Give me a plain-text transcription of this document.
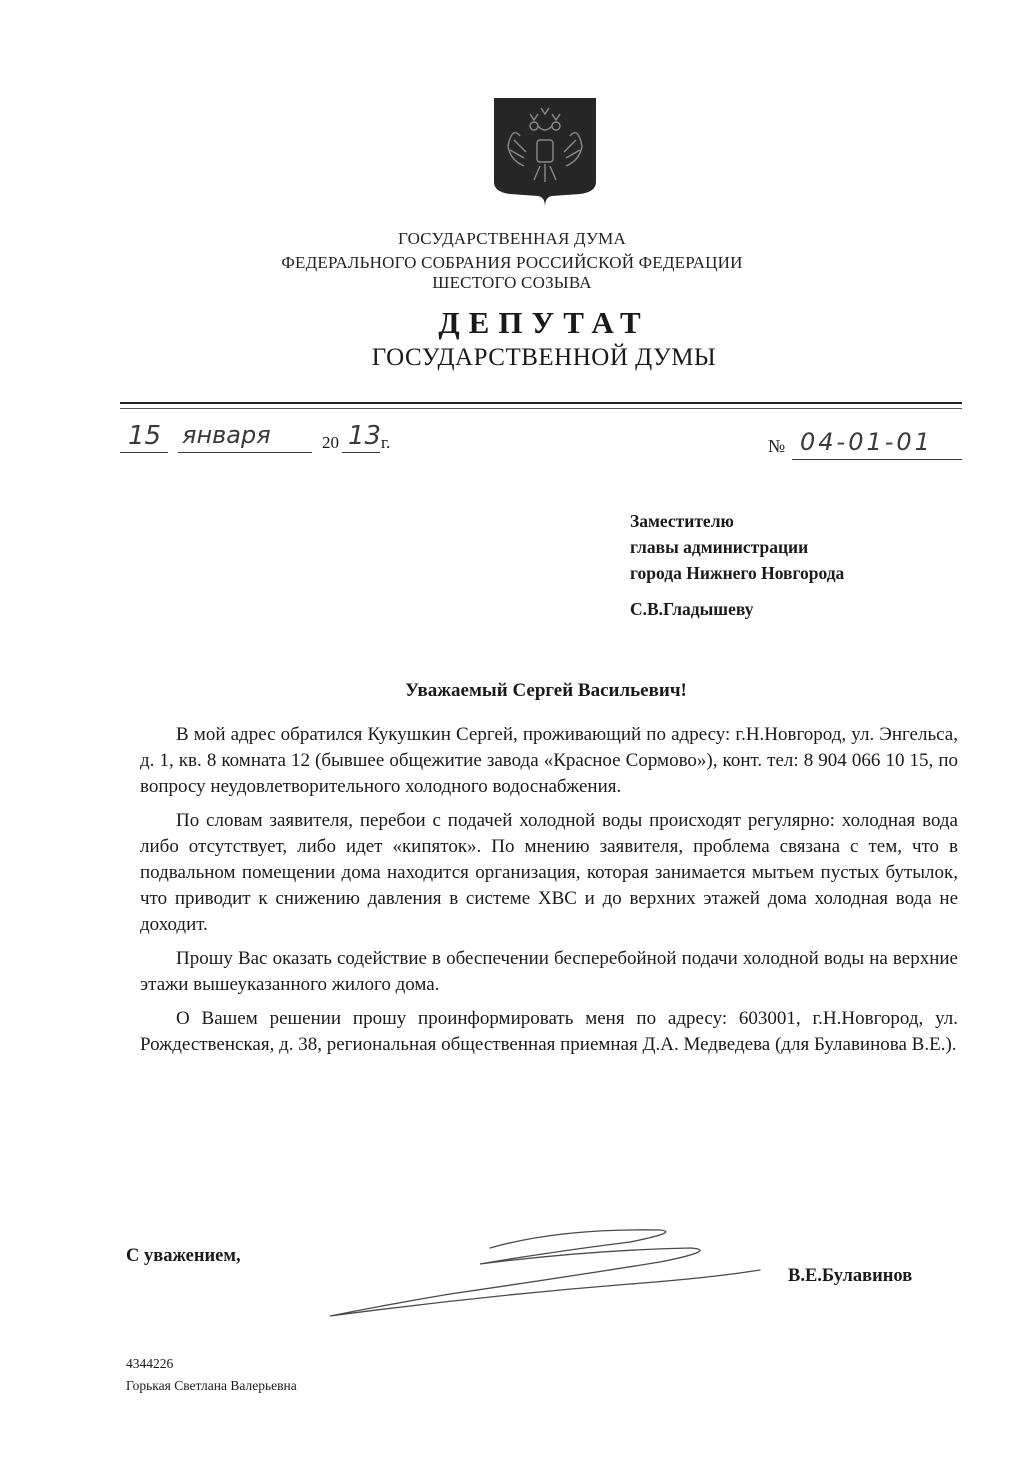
ГОСУДАРСТВЕННАЯ ДУМА
ФЕДЕРАЛЬНОГО СОБРАНИЯ РОССИЙСКОЙ ФЕДЕРАЦИИ
ШЕСТОГО СОЗЫВА
ДЕПУТАТ
ГОСУДАРСТВЕННОЙ ДУМЫ
15 января	20 13 г.	№ 04-01-01
Заместителю
главы администрации
города Нижнего Новгорода
С.В.Гладышеву
Уважаемый Сергей Васильевич!

В мой адрес обратился Кукушкин Сергей, проживающий по адресу: г.Н.Новгород, ул. Энгельса, д. 1, кв. 8 комната 12 (бывшее общежитие завода «Красное Сормово»), конт. тел: 8 904 066 10 15, по вопросу неудовлетворительного холодного водоснабжения.

По словам заявителя, перебои с подачей холодной воды происходят регулярно: холодная вода либо отсутствует, либо идет «кипяток». По мнению заявителя, проблема связана с тем, что в подвальном помещении дома находится организация, которая занимается мытьем пустых бутылок, что приводит к снижению давления в системе ХВС и до верхних этажей дома холодная вода не доходит.

Прошу Вас оказать содействие в обеспечении бесперебойной подачи холодной воды на верхние этажи вышеуказанного жилого дома.

О Вашем решении прошу проинформировать меня по адресу: 603001, г.Н.Новгород, ул. Рождественская, д. 38, региональная общественная приемная Д.А. Медведева (для Булавинова В.Е.).

С уважением,
В.Е.Булавинов
4344226
Горькая Светлана Валерьевна
